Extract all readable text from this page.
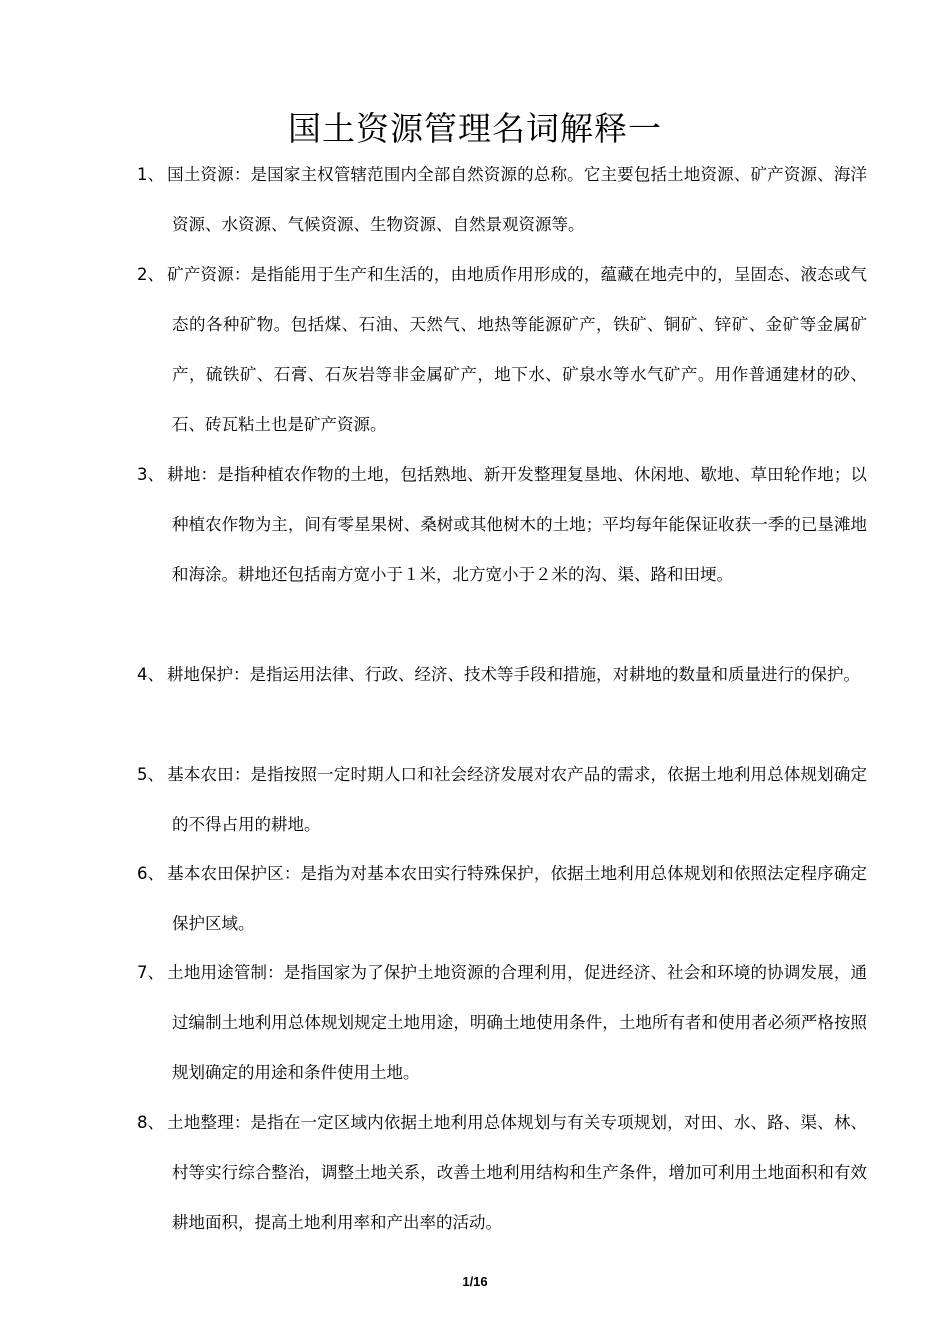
国土资源管理名词解释一

1、 国土资源：是国家主权管辖范围内全部自然资源的总称。它主要包括土地资源、矿产资源、海洋资源、水资源、气候资源、生物资源、自然景观资源等。

2、 矿产资源：是指能用于生产和生活的，由地质作用形成的，蕴藏在地壳中的，呈固态、液态或气态的各种矿物。包括煤、石油、天然气、地热等能源矿产，铁矿、铜矿、锌矿、金矿等金属矿产，硫铁矿、石膏、石灰岩等非金属矿产，地下水、矿泉水等水气矿产。用作普通建材的砂、石、砖瓦粘土也是矿产资源。

3、 耕地：是指种植农作物的土地，包括熟地、新开发整理复垦地、休闲地、歇地、草田轮作地；以种植农作物为主，间有零星果树、桑树或其他树木的土地；平均每年能保证收获一季的已垦滩地和海涂。耕地还包括南方宽小于１米，北方宽小于２米的沟、渠、路和田埂。

4、 耕地保护：是指运用法律、行政、经济、技术等手段和措施，对耕地的数量和质量进行的保护。

5、 基本农田：是指按照一定时期人口和社会经济发展对农产品的需求，依据土地利用总体规划确定的不得占用的耕地。

6、 基本农田保护区：是指为对基本农田实行特殊保护，依据土地利用总体规划和依照法定程序确定保护区域。

7、 土地用途管制：是指国家为了保护土地资源的合理利用，促进经济、社会和环境的协调发展，通过编制土地利用总体规划规定土地用途，明确土地使用条件，土地所有者和使用者必须严格按照规划确定的用途和条件使用土地。

8、 土地整理：是指在一定区域内依据土地利用总体规划与有关专项规划，对田、水、路、渠、林、村等实行综合整治，调整土地关系，改善土地利用结构和生产条件，增加可利用土地面积和有效耕地面积，提高土地利用率和产出率的活动。

1/16
